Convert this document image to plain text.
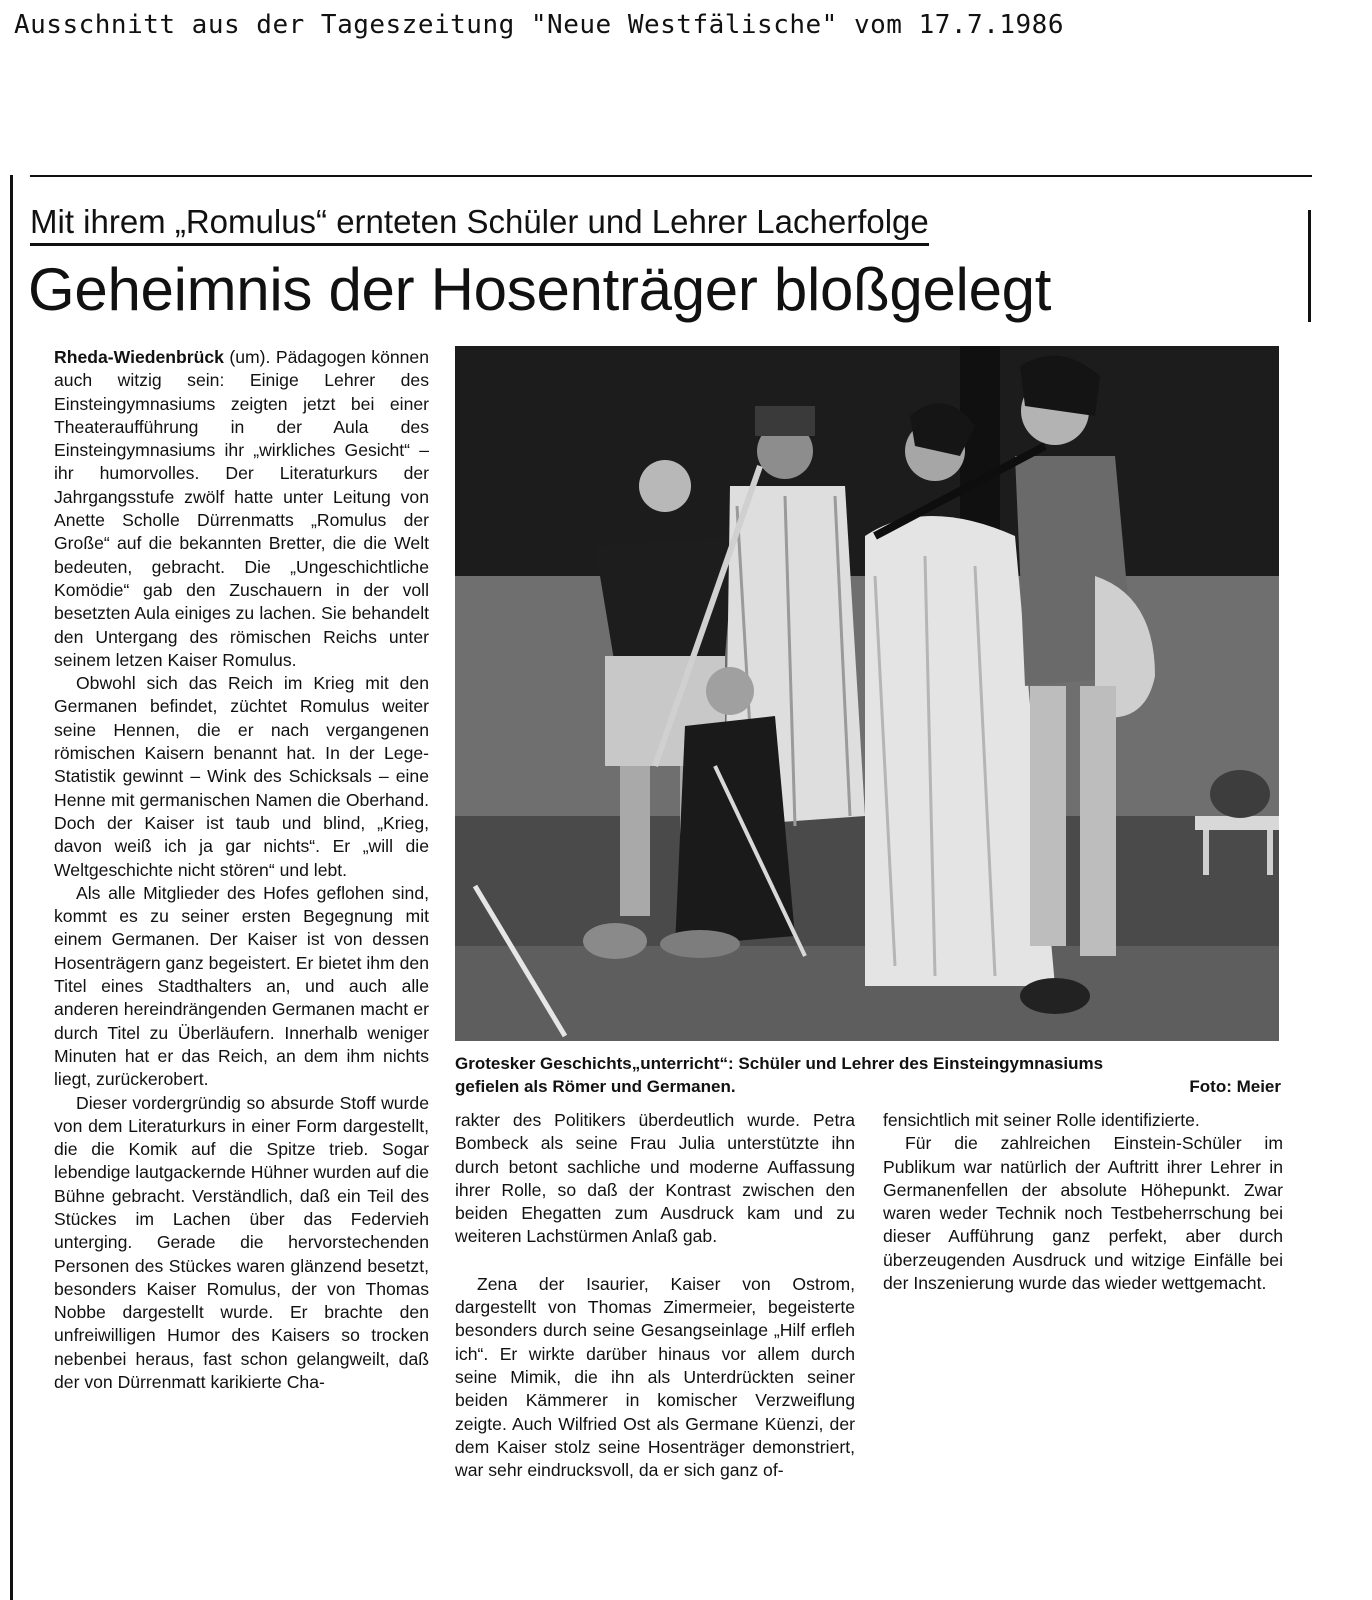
Ausschnitt aus der Tageszeitung "Neue Westfälische" vom 17.7.1986
Mit ihrem „Romulus“ ernteten Schüler und Lehrer Lacherfolge
Geheimnis der Hosenträger bloßgelegt

Rheda-Wiedenbrück (um). Pädagogen können auch witzig sein: Einige Lehrer des Einsteingymnasiums zeigten jetzt bei einer Theateraufführung in der Aula des Einsteingymnasiums ihr „wirkliches Gesicht“ – ihr humorvolles. Der Literaturkurs der Jahrgangsstufe zwölf hatte unter Leitung von Anette Scholle Dürrenmatts „Romulus der Große“ auf die bekannten Bretter, die die Welt bedeuten, gebracht. Die „Ungeschichtliche Komödie“ gab den Zuschauern in der voll besetzten Aula einiges zu lachen. Sie behandelt den Untergang des römischen Reichs unter seinem letzen Kaiser Romulus.

Obwohl sich das Reich im Krieg mit den Germanen befindet, züchtet Romulus weiter seine Hennen, die er nach vergangenen römischen Kaisern benannt hat. In der Lege-Statistik gewinnt – Wink des Schicksals – eine Henne mit germanischen Namen die Oberhand. Doch der Kaiser ist taub und blind, „Krieg, davon weiß ich ja gar nichts“. Er „will die Weltgeschichte nicht stören“ und lebt.

Als alle Mitglieder des Hofes geflohen sind, kommt es zu seiner ersten Begegnung mit einem Germanen. Der Kaiser ist von dessen Hosenträgern ganz begeistert. Er bietet ihm den Titel eines Stadthalters an, und auch alle anderen hereindrängenden Germanen macht er durch Titel zu Überläufern. Innerhalb weniger Minuten hat er das Reich, an dem ihm nichts liegt, zurückerobert.

Dieser vordergründig so absurde Stoff wurde von dem Literaturkurs in einer Form dargestellt, die die Komik auf die Spitze trieb. Sogar lebendige lautgackernde Hühner wurden auf die Bühne gebracht. Verständlich, daß ein Teil des Stückes im Lachen über das Federvieh unterging. Gerade die hervorstechenden Personen des Stückes waren glänzend besetzt, besonders Kaiser Romulus, der von Thomas Nobbe dargestellt wurde. Er brachte den unfreiwilligen Humor des Kaisers so trocken nebenbei heraus, fast schon gelangweilt, daß der von Dürrenmatt karikierte Cha-

Grotesker Geschichts„unterricht“: Schüler und Lehrer des Einsteingymnasiums
gefielen als Römer und Germanen.	Foto: Meier

rakter des Politikers überdeutlich wurde. Petra Bombeck als seine Frau Julia unterstützte ihn durch betont sachliche und moderne Auffassung ihrer Rolle, so daß der Kontrast zwischen den beiden Ehegatten zum Ausdruck kam und zu weiteren Lachstürmen Anlaß gab.

Zena der Isaurier, Kaiser von Ostrom, dargestellt von Thomas Zimermeier, begeisterte besonders durch seine Gesangseinlage „Hilf erfleh ich“. Er wirkte darüber hinaus vor allem durch seine Mimik, die ihn als Unterdrückten seiner beiden Kämmerer in komischer Verzweiflung zeigte. Auch Wilfried Ost als Germane Küenzi, der dem Kaiser stolz seine Hosenträger demonstriert, war sehr eindrucksvoll, da er sich ganz of-

fensichtlich mit seiner Rolle identifizierte.

Für die zahlreichen Einstein-Schüler im Publikum war natürlich der Auftritt ihrer Lehrer in Germanenfellen der absolute Höhepunkt. Zwar waren weder Technik noch Testbeherrschung bei dieser Aufführung ganz perfekt, aber durch überzeugenden Ausdruck und witzige Einfälle bei der Inszenierung wurde das wieder wettgemacht.
